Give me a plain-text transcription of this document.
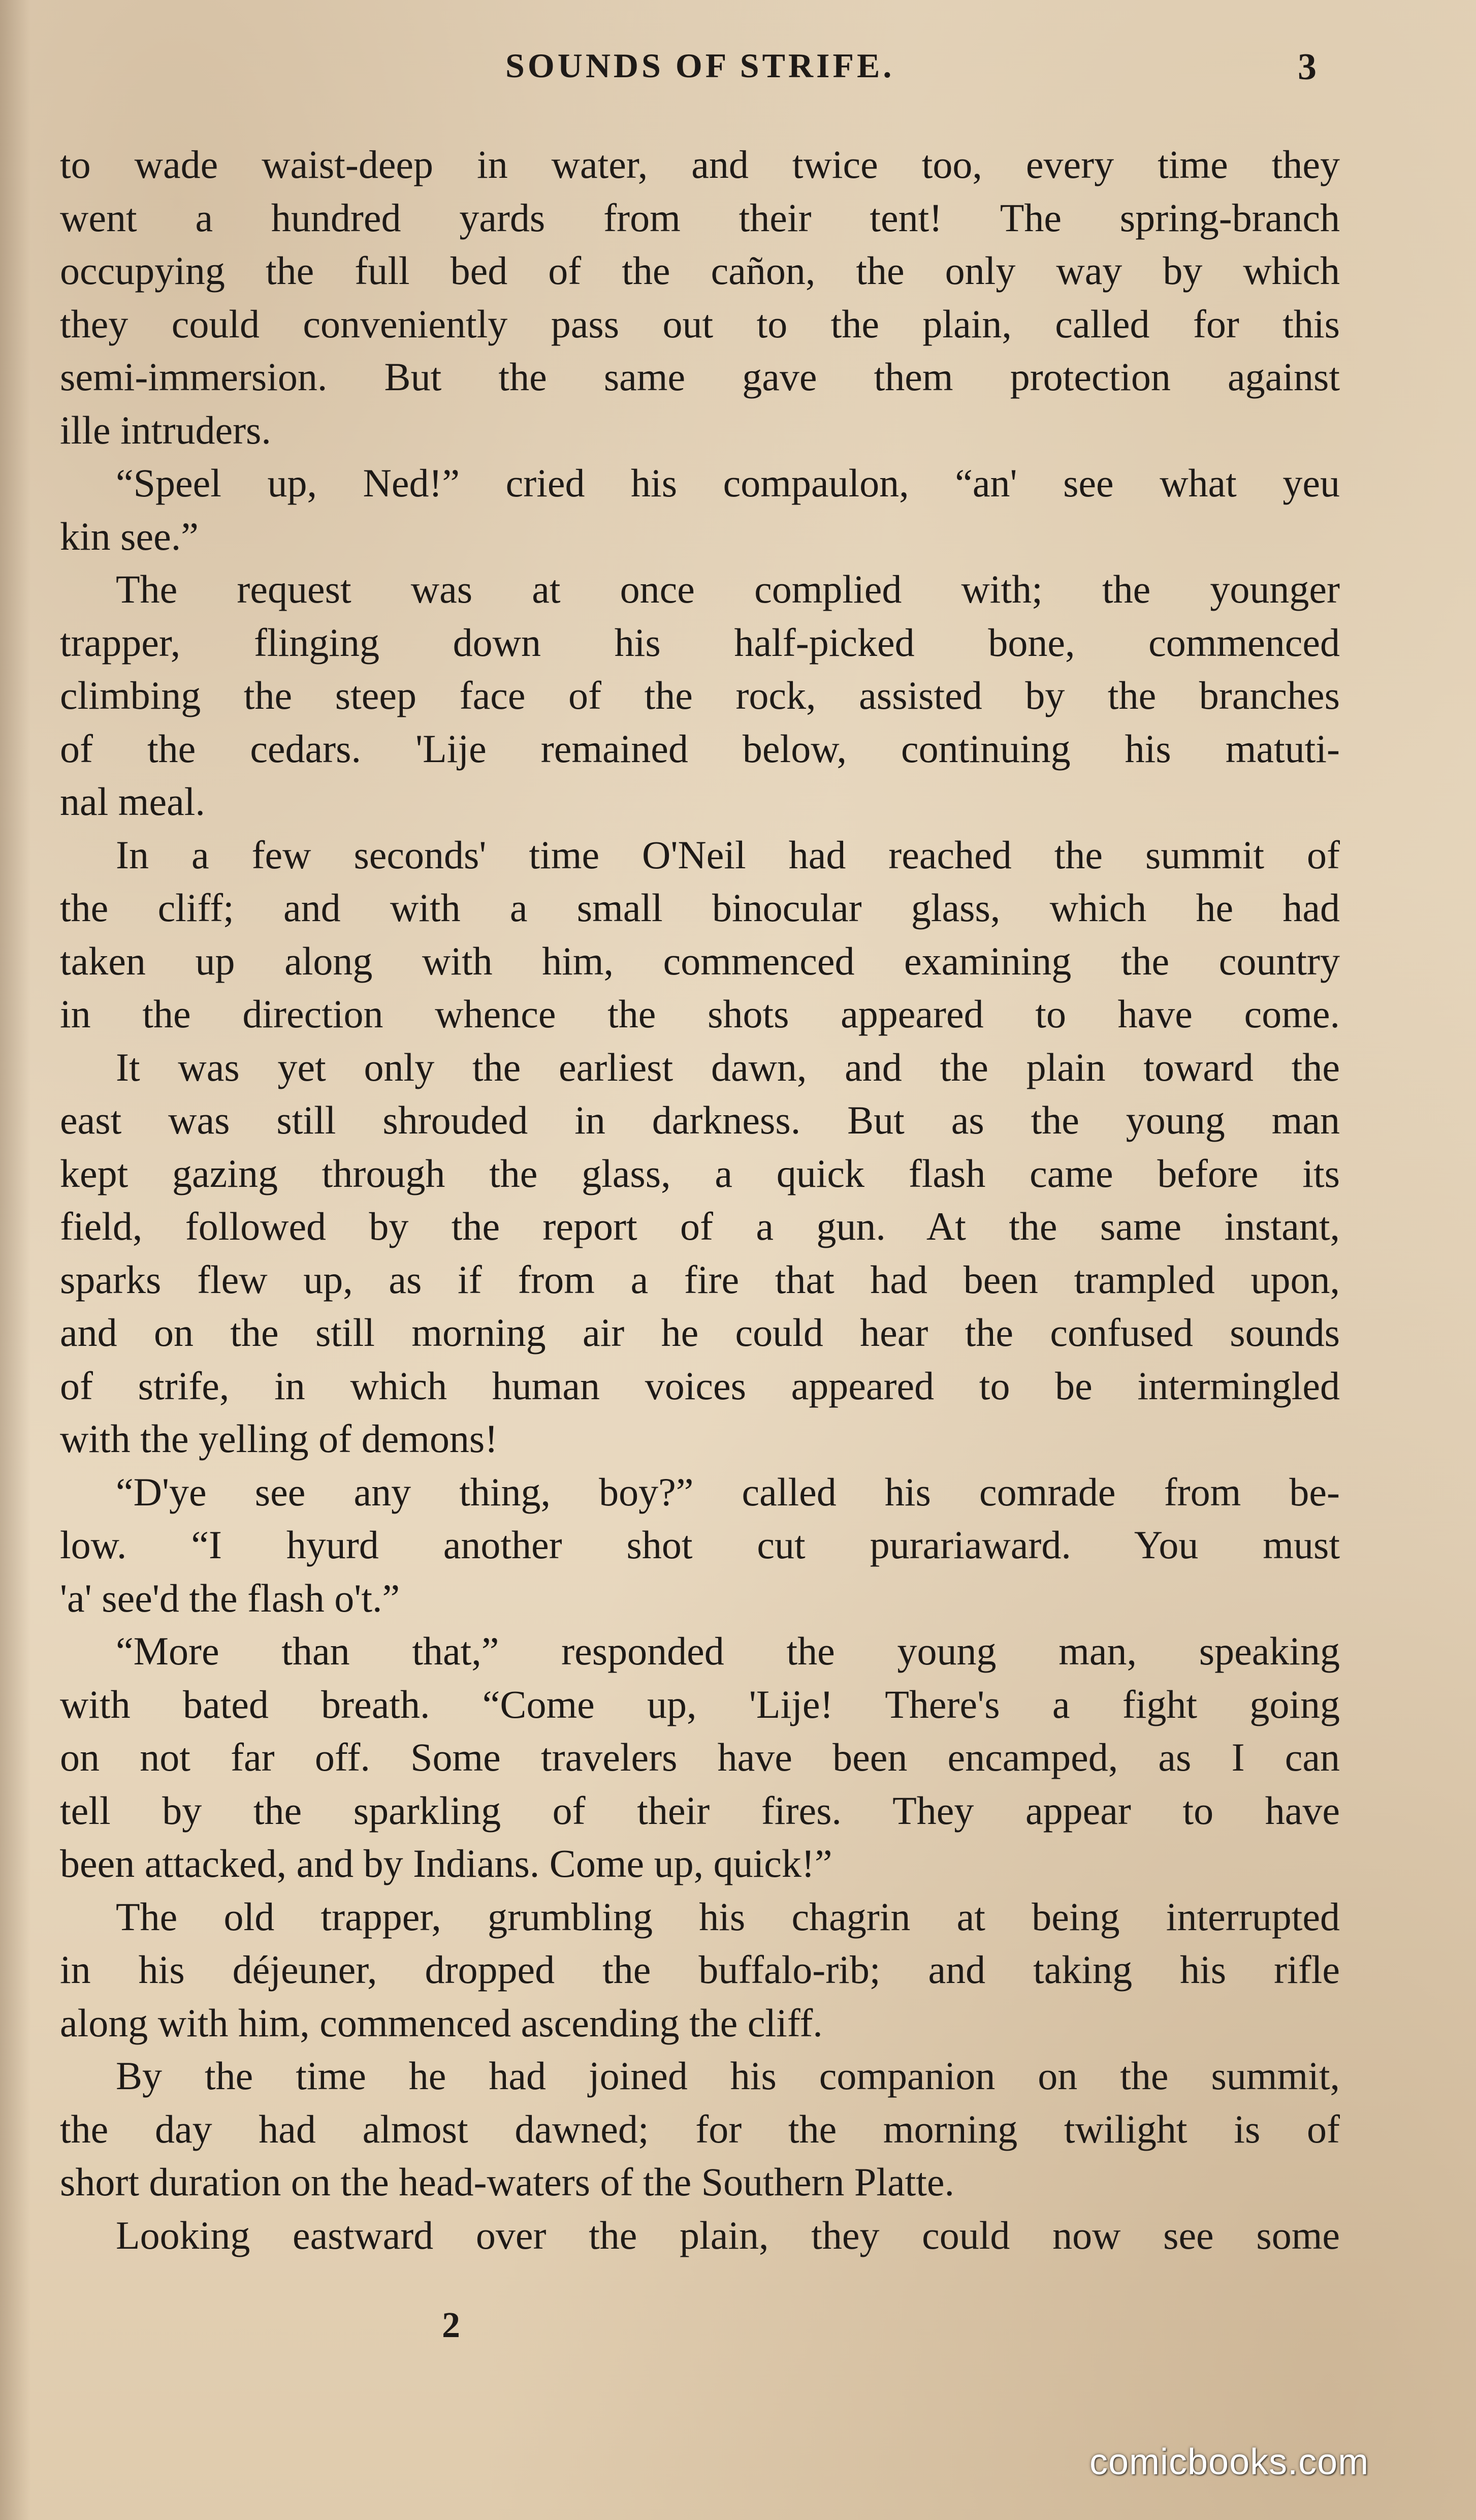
SOUNDS OF STRIFE.	3
to wade waist-deep in water, and twice too, every time they
went a hundred yards from their tent! The spring-branch
occupying the full bed of the cañon, the only way by which
they could conveniently pass out to the plain, called for this
semi-immersion. But the same gave them protection against
ille intruders.
“Speel up, Ned!” cried his compaulon, “an' see what yeu
kin see.”
The request was at once complied with; the younger
trapper, flinging down his half-picked bone, commenced
climbing the steep face of the rock, assisted by the branches
of the cedars. 'Lije remained below, continuing his matuti-
nal meal.
In a few seconds' time O'Neil had reached the summit of
the cliff; and with a small binocular glass, which he had
taken up along with him, commenced examining the country
in the direction whence the shots appeared to have come.
It was yet only the earliest dawn, and the plain toward the
east was still shrouded in darkness. But as the young man
kept gazing through the glass, a quick flash came before its
field, followed by the report of a gun. At the same instant,
sparks flew up, as if from a fire that had been trampled upon,
and on the still morning air he could hear the confused sounds
of strife, in which human voices appeared to be intermingled
with the yelling of demons!
“D'ye see any thing, boy?” called his comrade from be-
low. “I hyurd another shot cut purariaward. You must
'a' see'd the flash o't.”
“More than that,” responded the young man, speaking
with bated breath. “Come up, 'Lije! There's a fight going
on not far off. Some travelers have been encamped, as I can
tell by the sparkling of their fires. They appear to have
been attacked, and by Indians. Come up, quick!”
The old trapper, grumbling his chagrin at being interrupted
in his déjeuner, dropped the buffalo-rib; and taking his rifle
along with him, commenced ascending the cliff.
By the time he had joined his companion on the summit,
the day had almost dawned; for the morning twilight is of
short duration on the head-waters of the Southern Platte.
Looking eastward over the plain, they could now see some
2
comicbooks.com
